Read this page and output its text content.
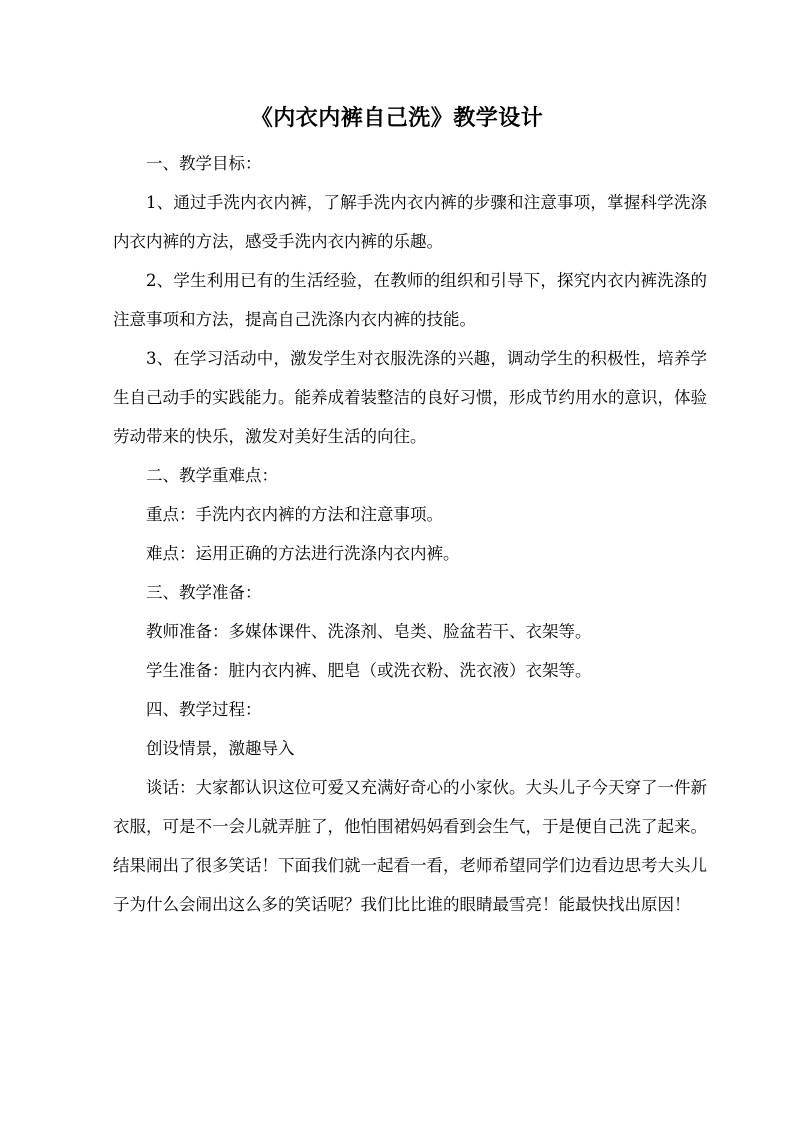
《内衣内裤自己洗》教学设计

一、教学目标：

1、通过手洗内衣内裤，了解手洗内衣内裤的步骤和注意事项，掌握科学洗涤内衣内裤的方法，感受手洗内衣内裤的乐趣。

2、学生利用已有的生活经验，在教师的组织和引导下，探究内衣内裤洗涤的注意事项和方法，提高自己洗涤内衣内裤的技能。

3、在学习活动中，激发学生对衣服洗涤的兴趣，调动学生的积极性，培养学生自己动手的实践能力。能养成着装整洁的良好习惯，形成节约用水的意识，体验劳动带来的快乐，激发对美好生活的向往。

二、教学重难点：

重点：手洗内衣内裤的方法和注意事项。

难点：运用正确的方法进行洗涤内衣内裤。

三、教学准备：

教师准备：多媒体课件、洗涤剂、皂类、脸盆若干、衣架等。

学生准备：脏内衣内裤、肥皂（或洗衣粉、洗衣液）衣架等。

四、教学过程：

创设情景，激趣导入

谈话：大家都认识这位可爱又充满好奇心的小家伙。大头儿子今天穿了一件新衣服，可是不一会儿就弄脏了，他怕围裙妈妈看到会生气，于是便自己洗了起来。结果闹出了很多笑话！下面我们就一起看一看，老师希望同学们边看边思考大头儿子为什么会闹出这么多的笑话呢？我们比比谁的眼睛最雪亮！能最快找出原因！
